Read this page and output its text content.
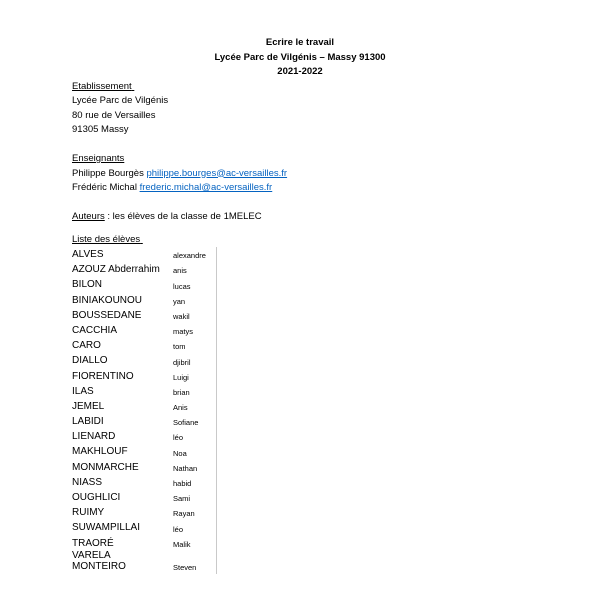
Ecrire le travail
Lycée Parc de Vilgénis – Massy 91300
2021-2022
Etablissement
Lycée Parc de Vilgénis
80 rue de Versailles
91305 Massy
Enseignants
Philippe Bourgès philippe.bourges@ac-versailles.fr
Frédéric Michal frederic.michal@ac-versailles.fr
Auteurs : les élèves de la classe de 1MELEC
Liste des élèves
ALVES	alexandre
AZOUZ Abderrahim	anis
BILON	lucas
BINIAKOUNOU	yan
BOUSSEDANE	wakil
CACCHIA	matys
CARO	tom
DIALLO	djibril
FIORENTINO	Luigi
ILAS	brian
JEMEL	Anis
LABIDI	Sofiane
LIENARD	léo
MAKHLOUF	Noa
MONMARCHE	Nathan
NIASS	habid
OUGHLICI	Sami
RUIMY	Rayan
SUWAMPILLAI	léo
TRAORÉ	Malik
VARELA MONTEIRO	Steven
